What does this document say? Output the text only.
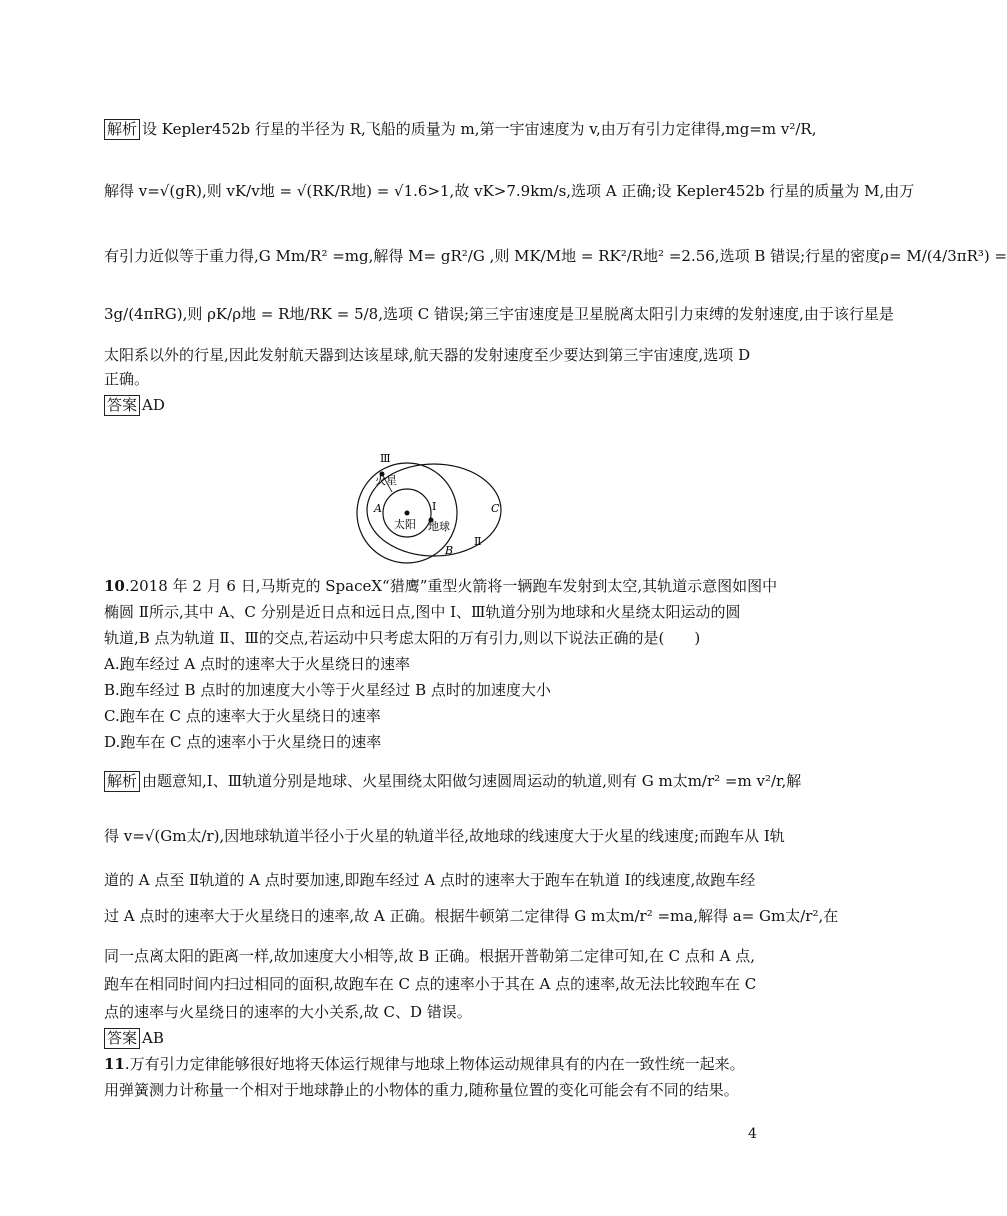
解析 设 Kepler452b 行星的半径为 R,飞船的质量为 m,第一宇宙速度为 v,由万有引力定律得,mg=m v²/R,
解得 v=√(gR),则 vK/v地 = √(RK/R地) = √1.6>1,故 vK>7.9km/s,选项 A 正确;设 Kepler452b 行星的质量为 M,由万
有引力近似等于重力得,G Mm/R² =mg,解得 M= gR²/G ,则 MK/M地 = RK²/R地² =2.56,选项 B 错误;行星的密度ρ= M/(4/3πR³) =
3g/(4πRG),则 ρK/ρ地 = R地/RK = 5/8,选项 C 错误;第三宇宙速度是卫星脱离太阳引力束缚的发射速度,由于该行星是
太阳系以外的行星,因此发射航天器到达该星球,航天器的发射速度至少要达到第三宇宙速度,选项 D
正确。
答案 AD
Ⅲ
火星
Ⅰ
A	C
太阳 地球
B
Ⅱ
10.2018 年 2 月 6 日,马斯克的 SpaceX“猎鹰”重型火箭将一辆跑车发射到太空,其轨道示意图如图中
椭圆 Ⅱ所示,其中 A、C 分别是近日点和远日点,图中 Ⅰ、Ⅲ轨道分别为地球和火星绕太阳运动的圆
轨道,B 点为轨道 Ⅱ、Ⅲ的交点,若运动中只考虑太阳的万有引力,则以下说法正确的是(　　)
A.跑车经过 A 点时的速率大于火星绕日的速率
B.跑车经过 B 点时的加速度大小等于火星经过 B 点时的加速度大小
C.跑车在 C 点的速率大于火星绕日的速率
D.跑车在 C 点的速率小于火星绕日的速率
解析 由题意知,Ⅰ、Ⅲ轨道分别是地球、火星围绕太阳做匀速圆周运动的轨道,则有 G m太m/r² =m v²/r,解
得 v=√(Gm太/r),因地球轨道半径小于火星的轨道半径,故地球的线速度大于火星的线速度;而跑车从 Ⅰ轨
道的 A 点至 Ⅱ轨道的 A 点时要加速,即跑车经过 A 点时的速率大于跑车在轨道 Ⅰ的线速度,故跑车经
过 A 点时的速率大于火星绕日的速率,故 A 正确。根据牛顿第二定律得 G m太m/r² =ma,解得 a= Gm太/r²,在
同一点离太阳的距离一样,故加速度大小相等,故 B 正确。根据开普勒第二定律可知,在 C 点和 A 点,
跑车在相同时间内扫过相同的面积,故跑车在 C 点的速率小于其在 A 点的速率,故无法比较跑车在 C
点的速率与火星绕日的速率的大小关系,故 C、D 错误。
答案 AB
11.万有引力定律能够很好地将天体运行规律与地球上物体运动规律具有的内在一致性统一起来。
用弹簧测力计称量一个相对于地球静止的小物体的重力,随称量位置的变化可能会有不同的结果。
4
